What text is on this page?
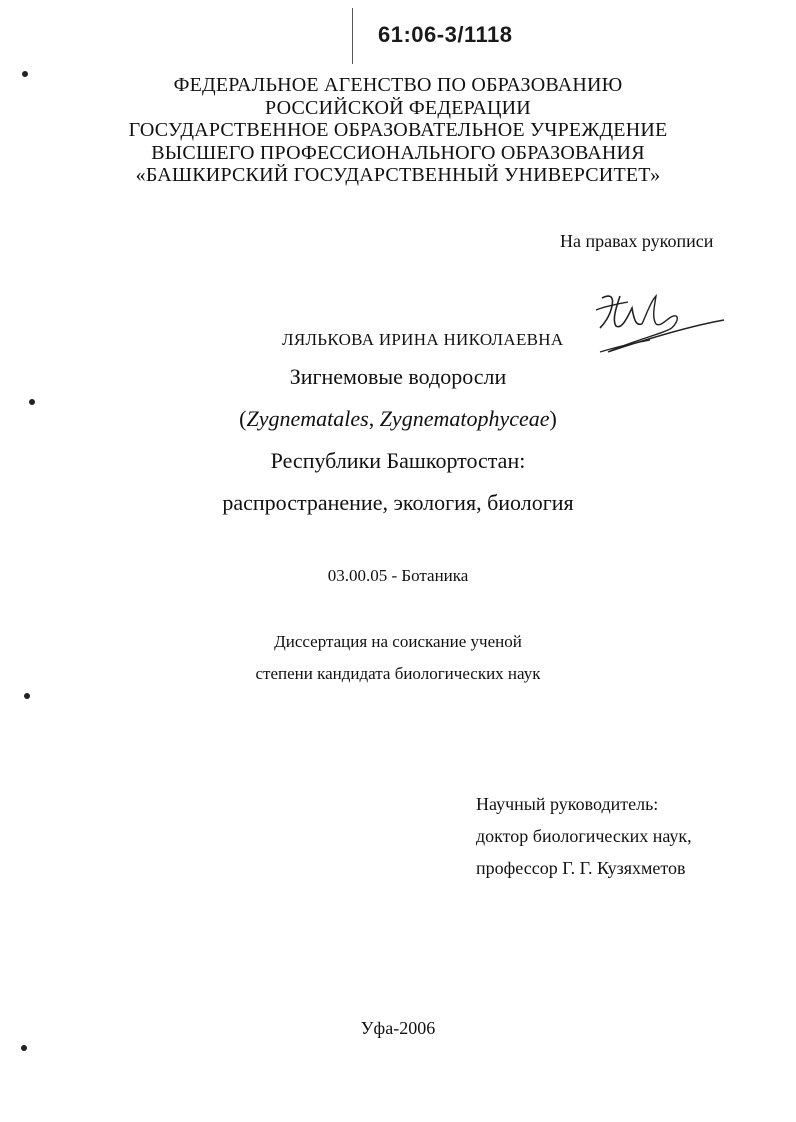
61:06-3/1118
ФЕДЕРАЛЬНОЕ АГЕНСТВО ПО ОБРАЗОВАНИЮ
РОССИЙСКОЙ ФЕДЕРАЦИИ
ГОСУДАРСТВЕННОЕ ОБРАЗОВАТЕЛЬНОЕ УЧРЕЖДЕНИЕ
ВЫСШЕГО ПРОФЕССИОНАЛЬНОГО ОБРАЗОВАНИЯ
«БАШКИРСКИЙ ГОСУДАРСТВЕННЫЙ УНИВЕРСИТЕТ»
На правах рукописи
ЛЯЛЬКОВА ИРИНА НИКОЛАЕВНА
Зигнемовые водоросли
(Zygnematales, Zygnematophyceae)
Республики Башкортостан:
распространение, экология, биология
03.00.05 - Ботаника
Диссертация на соискание ученой
степени кандидата биологических наук
Научный руководитель:
доктор биологических наук,
профессор Г. Г. Кузяхметов
Уфа-2006
